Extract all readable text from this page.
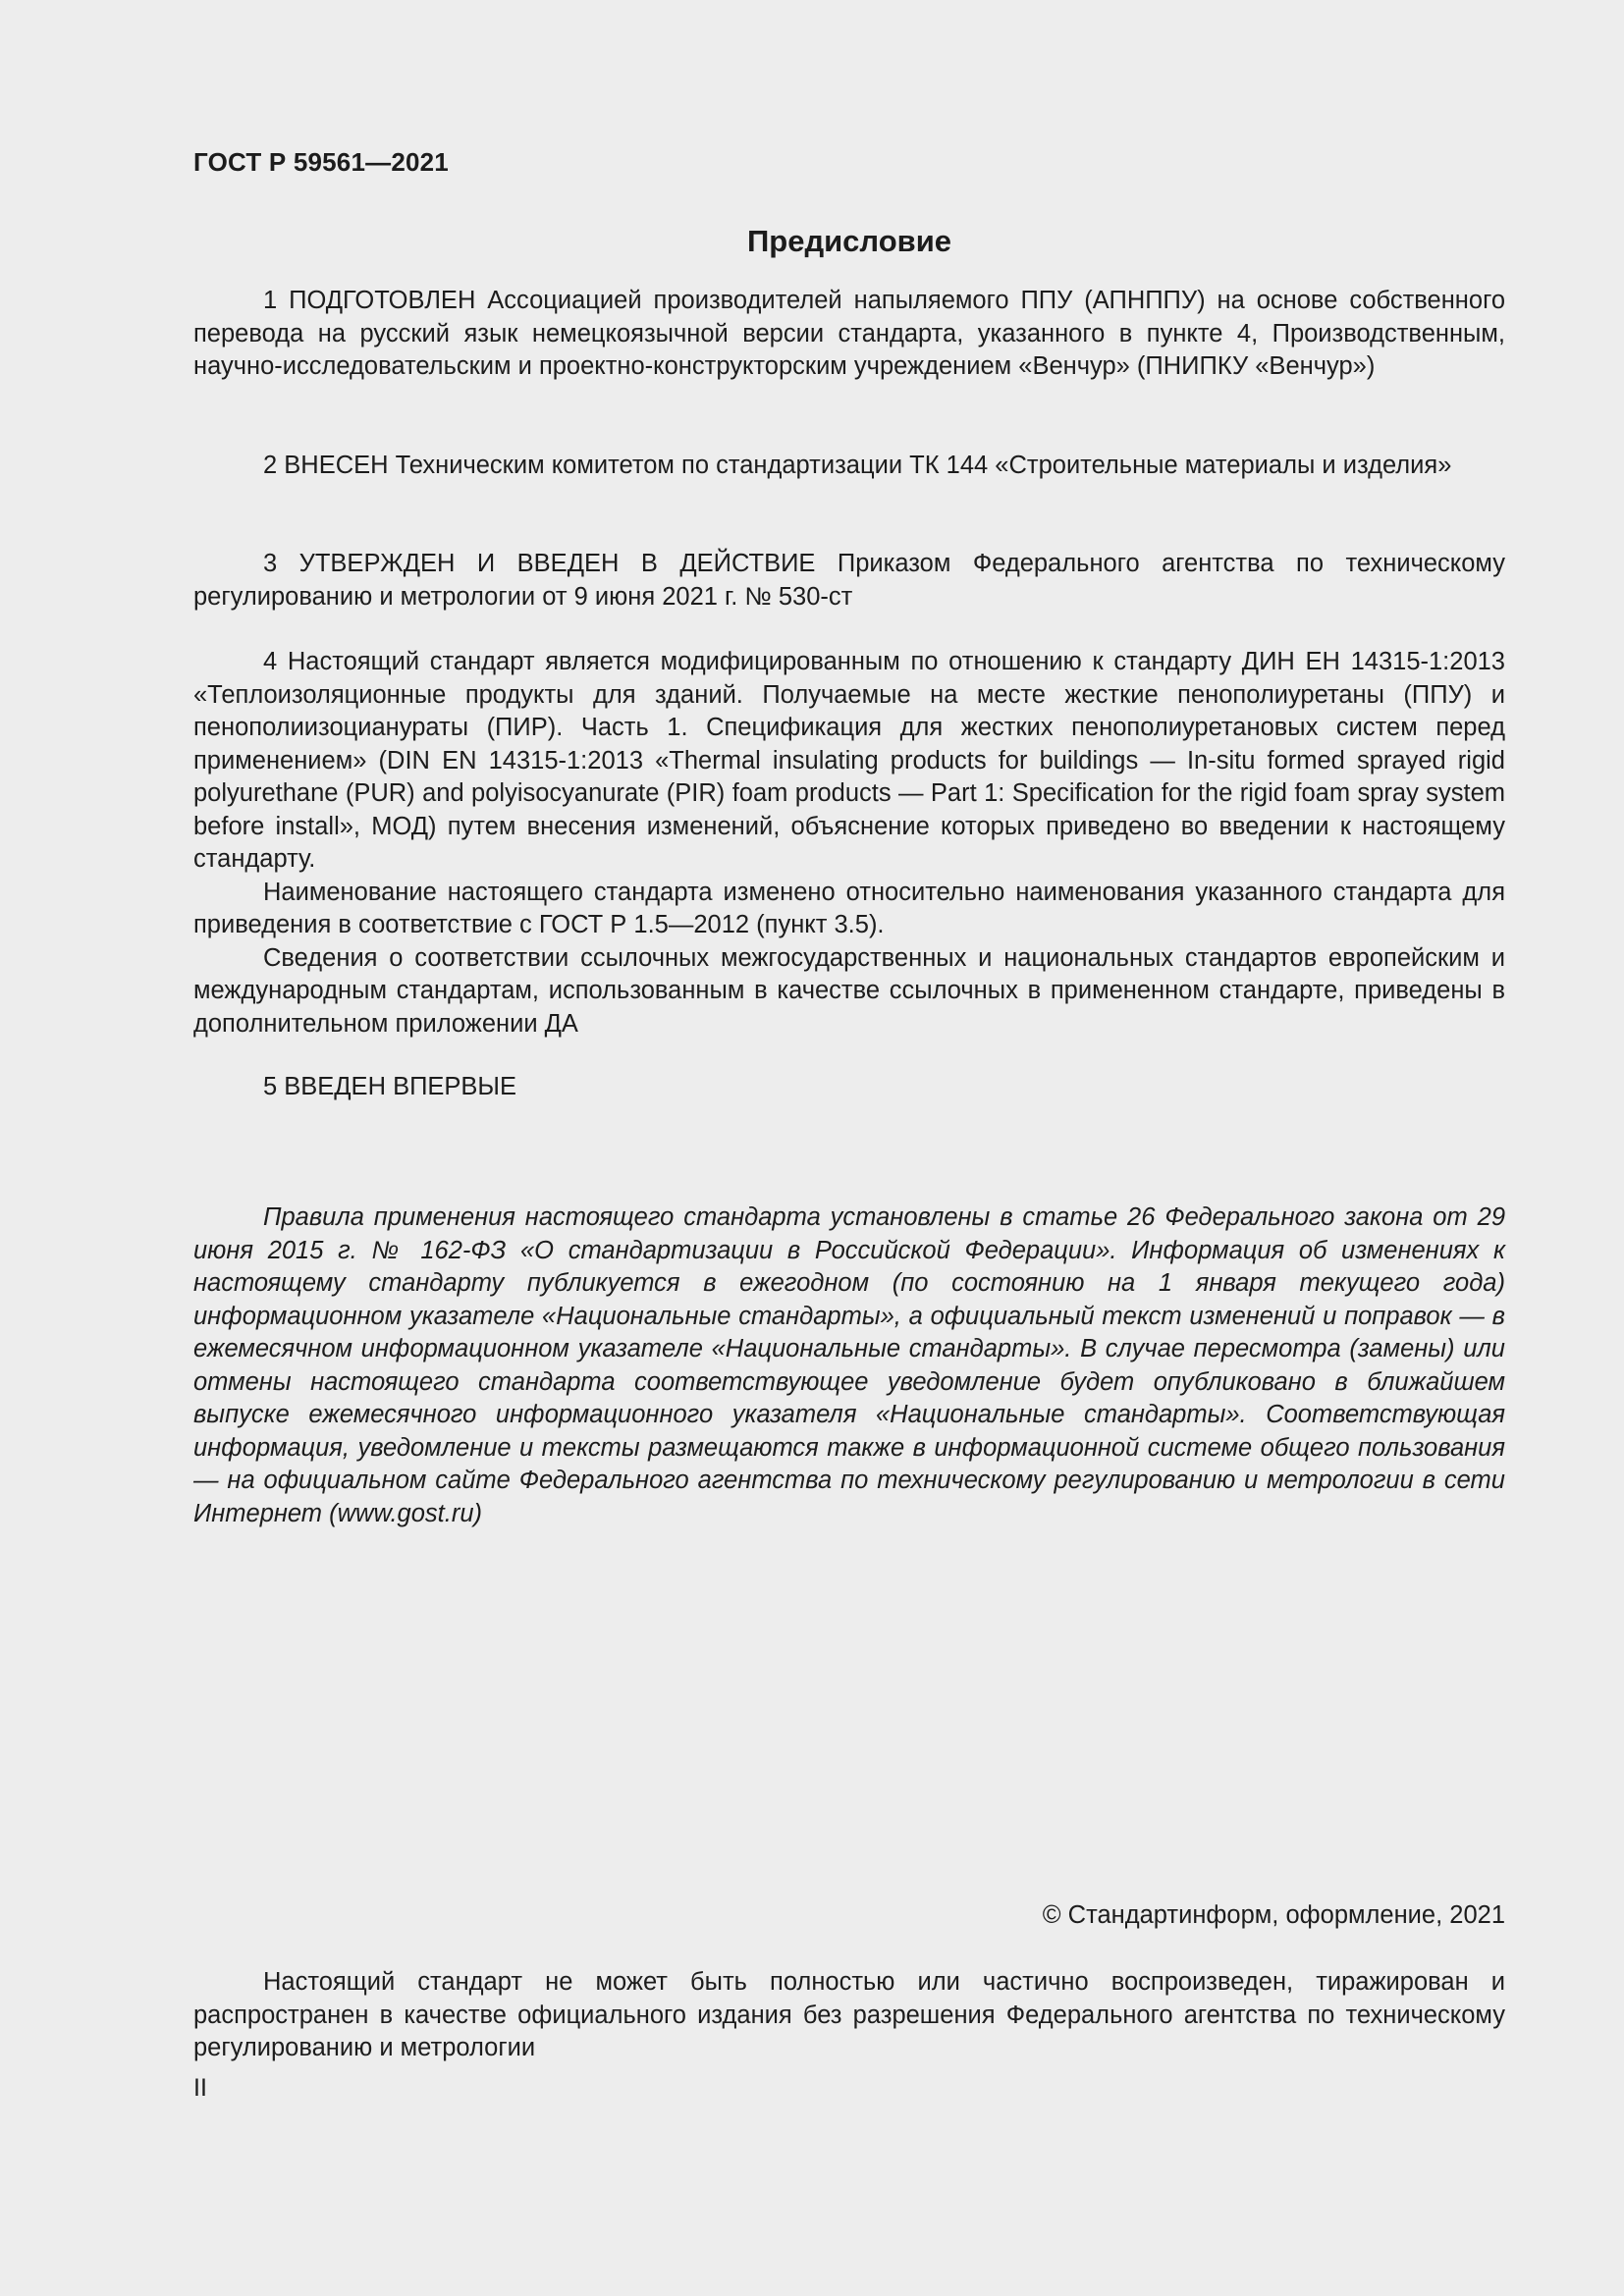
ГОСТ Р 59561—2021
Предисловие

1 ПОДГОТОВЛЕН Ассоциацией производителей напыляемого ППУ (АПНППУ) на основе собственного перевода на русский язык немецкоязычной версии стандарта, указанного в пункте 4, Производственным, научно-исследовательским и проектно-конструкторским учреждением «Венчур» (ПНИПКУ «Венчур»)

2 ВНЕСЕН Техническим комитетом по стандартизации ТК 144 «Строительные материалы и изделия»

3 УТВЕРЖДЕН И ВВЕДЕН В ДЕЙСТВИЕ Приказом Федерального агентства по техническому регулированию и метрологии от 9 июня 2021 г. № 530-ст

4 Настоящий стандарт является модифицированным по отношению к стандарту ДИН ЕН 14315-1:2013 «Теплоизоляционные продукты для зданий. Получаемые на месте жесткие пенополиуретаны (ППУ) и пенополиизоцианураты (ПИР). Часть 1. Спецификация для жестких пенополиуретановых систем перед применением» (DIN EN 14315-1:2013 «Thermal insulating products for buildings — In-situ formed sprayed rigid polyurethane (PUR) and polyisocyanurate (PIR) foam products — Part 1: Specification for the rigid foam spray system before install», МОД) путем внесения изменений, объяснение которых приведено во введении к настоящему стандарту.

Наименование настоящего стандарта изменено относительно наименования указанного стандарта для приведения в соответствие с ГОСТ Р 1.5—2012 (пункт 3.5).

Сведения о соответствии ссылочных межгосударственных и национальных стандартов европейским и международным стандартам, использованным в качестве ссылочных в примененном стандарте, приведены в дополнительном приложении ДА

5 ВВЕДЕН ВПЕРВЫЕ

Правила применения настоящего стандарта установлены в статье 26 Федерального закона от 29 июня 2015 г. № 162-ФЗ «О стандартизации в Российской Федерации». Информация об изменениях к настоящему стандарту публикуется в ежегодном (по состоянию на 1 января текущего года) информационном указателе «Национальные стандарты», а официальный текст изменений и поправок — в ежемесячном информационном указателе «Национальные стандарты». В случае пересмотра (замены) или отмены настоящего стандарта соответствующее уведомление будет опубликовано в ближайшем выпуске ежемесячного информационного указателя «Национальные стандарты». Соответствующая информация, уведомление и тексты размещаются также в информационной системе общего пользования — на официальном сайте Федерального агентства по техническому регулированию и метрологии в сети Интернет (www.gost.ru)

© Стандартинформ, оформление, 2021

Настоящий стандарт не может быть полностью или частично воспроизведен, тиражирован и распространен в качестве официального издания без разрешения Федерального агентства по техническому регулированию и метрологии

II
